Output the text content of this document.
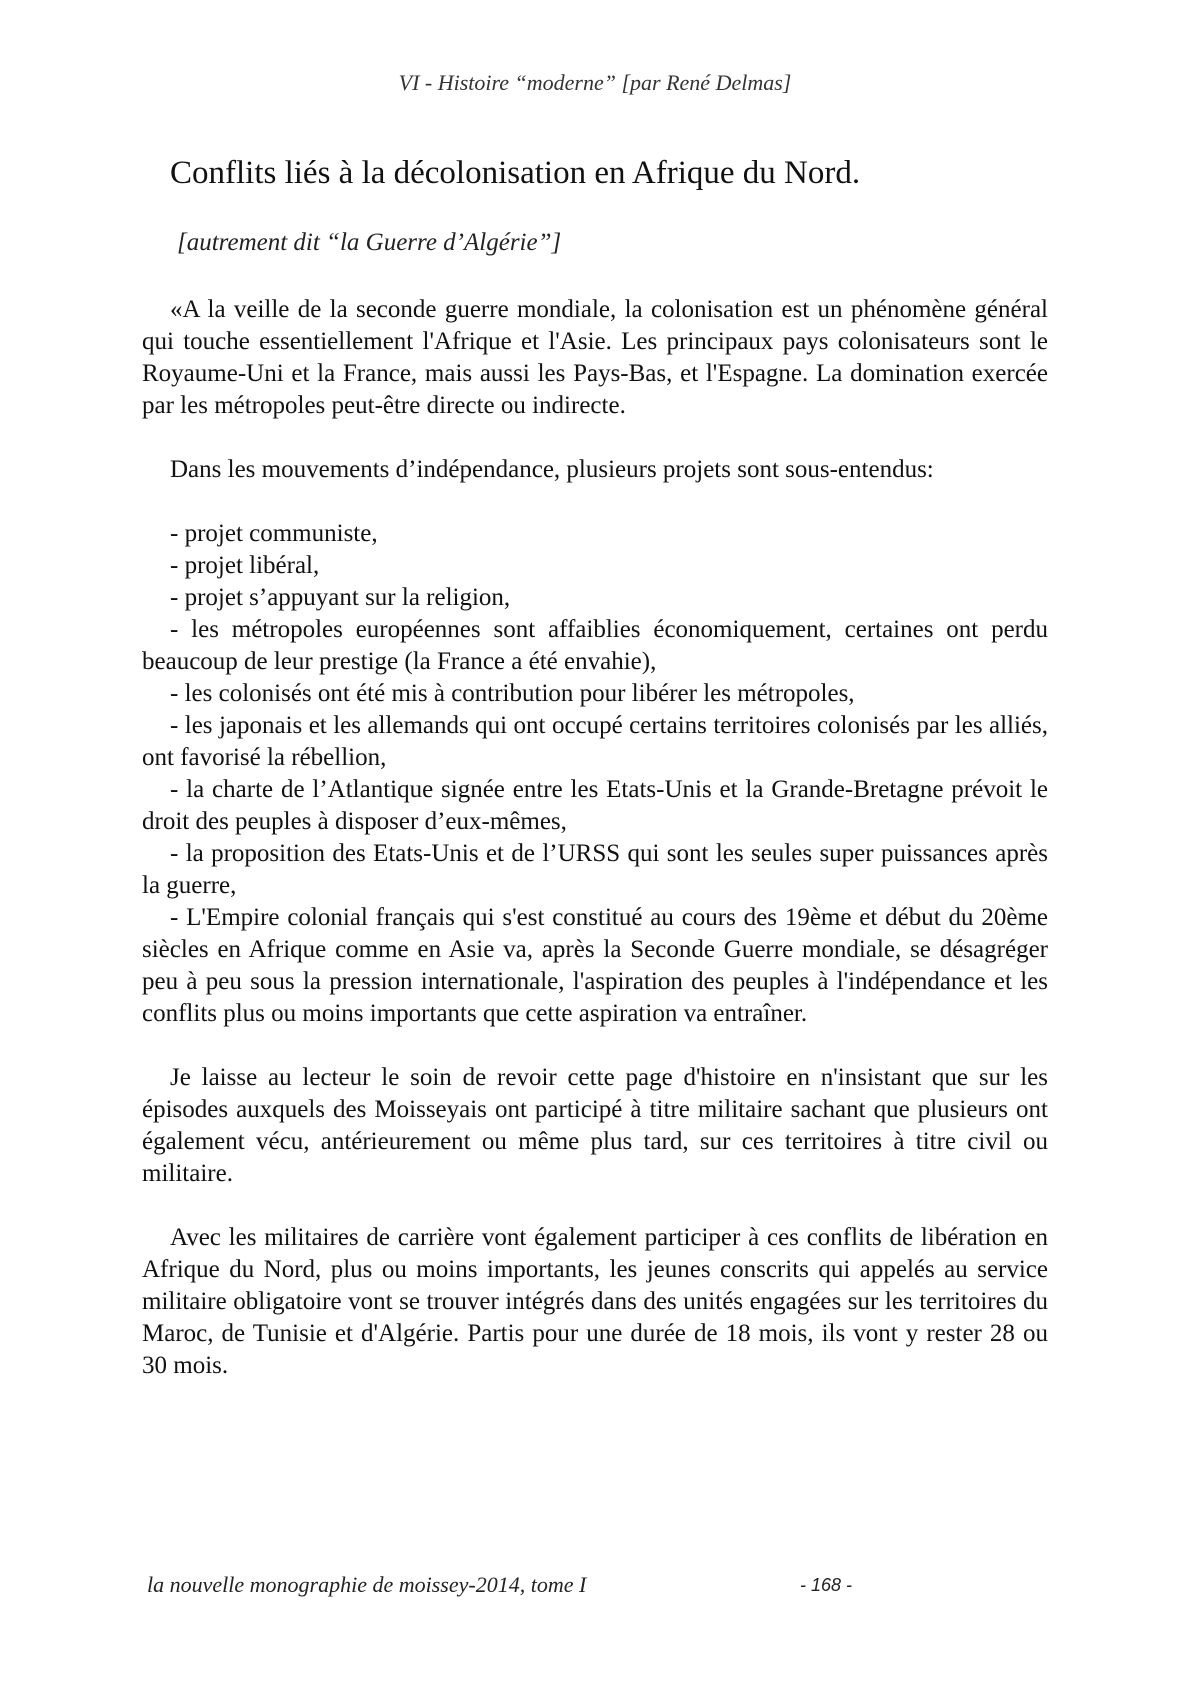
VI - Histoire “moderne” [par René Delmas]
Conflits liés à la décolonisation en Afrique du Nord.
[autrement dit “la Guerre d’Algérie”]

«A la veille de la seconde guerre mondiale, la colonisation est un phénomène général qui touche essentiellement l'Afrique et l'Asie. Les principaux pays colonisateurs sont le Royaume-Uni et la France, mais aussi les Pays-Bas, et l'Espagne. La domination exercée par les métropoles peut-être directe ou indirecte.

Dans les mouvements d’indépendance, plusieurs projets sont sous-entendus:

- projet communiste,

- projet libéral,

- projet s’appuyant sur la religion,

- les métropoles européennes sont affaiblies économiquement, certaines ont perdu beaucoup de leur prestige (la France a été envahie),

- les colonisés ont été mis à contribution pour libérer les métropoles,

- les japonais et les allemands qui ont occupé certains territoires colonisés par les alliés, ont favorisé la rébellion,

- la charte de l’Atlantique signée entre les Etats-Unis et la Grande-Bretagne prévoit le droit des peuples à disposer d’eux-mêmes,

- la proposition des Etats-Unis et de l’URSS qui sont les seules super puissances après la guerre,

- L'Empire colonial français qui s'est constitué au cours des 19ème et début du 20ème siècles en Afrique comme en Asie va, après la Seconde Guerre mondiale, se désagréger peu à peu sous la pression internationale, l'aspiration des peuples à l'indépendance et les conflits plus ou moins importants que cette aspiration va entraîner.

Je laisse au lecteur le soin de revoir cette page d'histoire en n'insistant que sur les épisodes auxquels des Moisseyais ont participé à titre militaire sachant que plusieurs ont également vécu, antérieurement ou même plus tard, sur ces territoires à titre civil ou militaire.

Avec les militaires de carrière vont également participer à ces conflits de libération en Afrique du Nord, plus ou moins importants, les jeunes conscrits qui appelés au service militaire obligatoire vont se trouver intégrés dans des unités engagées sur les territoires du Maroc, de Tunisie et d'Algérie. Partis pour une durée de 18 mois, ils vont y rester 28 ou 30 mois.

la nouvelle monographie de moissey-2014, tome I	- 168 -
